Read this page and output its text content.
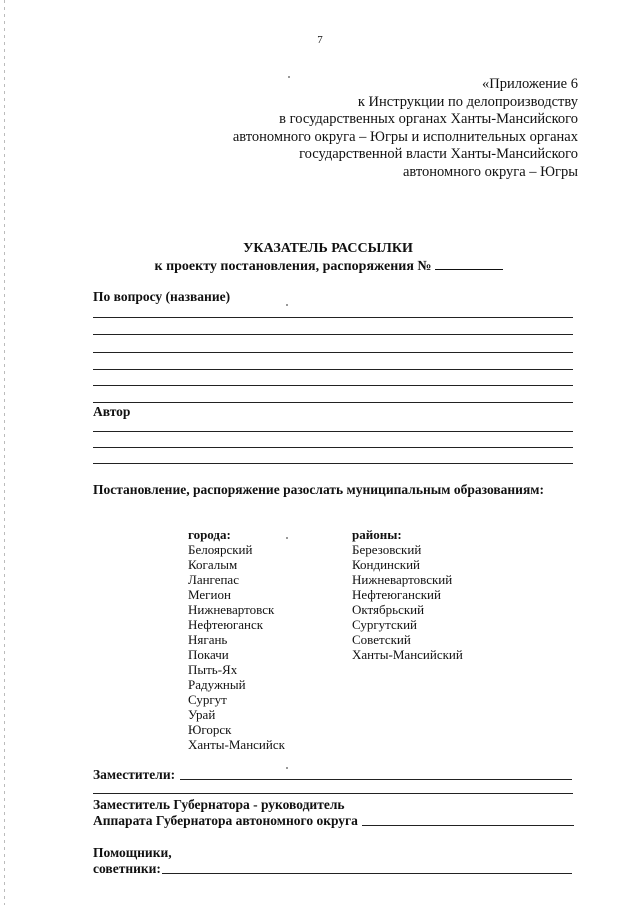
7
«Приложение 6
к Инструкции по делопроизводству
в государственных органах Ханты-Мансийского
автономного округа – Югры и исполнительных органах
государственной власти Ханты-Мансийского
автономного округа – Югры
УКАЗАТЕЛЬ РАССЫЛКИ
к проекту постановления, распоряжения №
По вопросу (название)
Автор
Постановление, распоряжение разослать муниципальным образованиям:
города:
Белоярский
Когалым
Лангепас
Мегион
Нижневартовск
Нефтеюганск
Нягань
Покачи
Пыть-Ях
Радужный
Сургут
Урай
Югорск
Ханты-Мансийск
районы:
Березовский
Кондинский
Нижневартовский
Нефтеюганский
Октябрьский
Сургутский
Советский
Ханты-Мансийский
Заместители:
Заместитель Губернатора - руководитель
Аппарата Губернатора автономного округа
Помощники,
советники:
